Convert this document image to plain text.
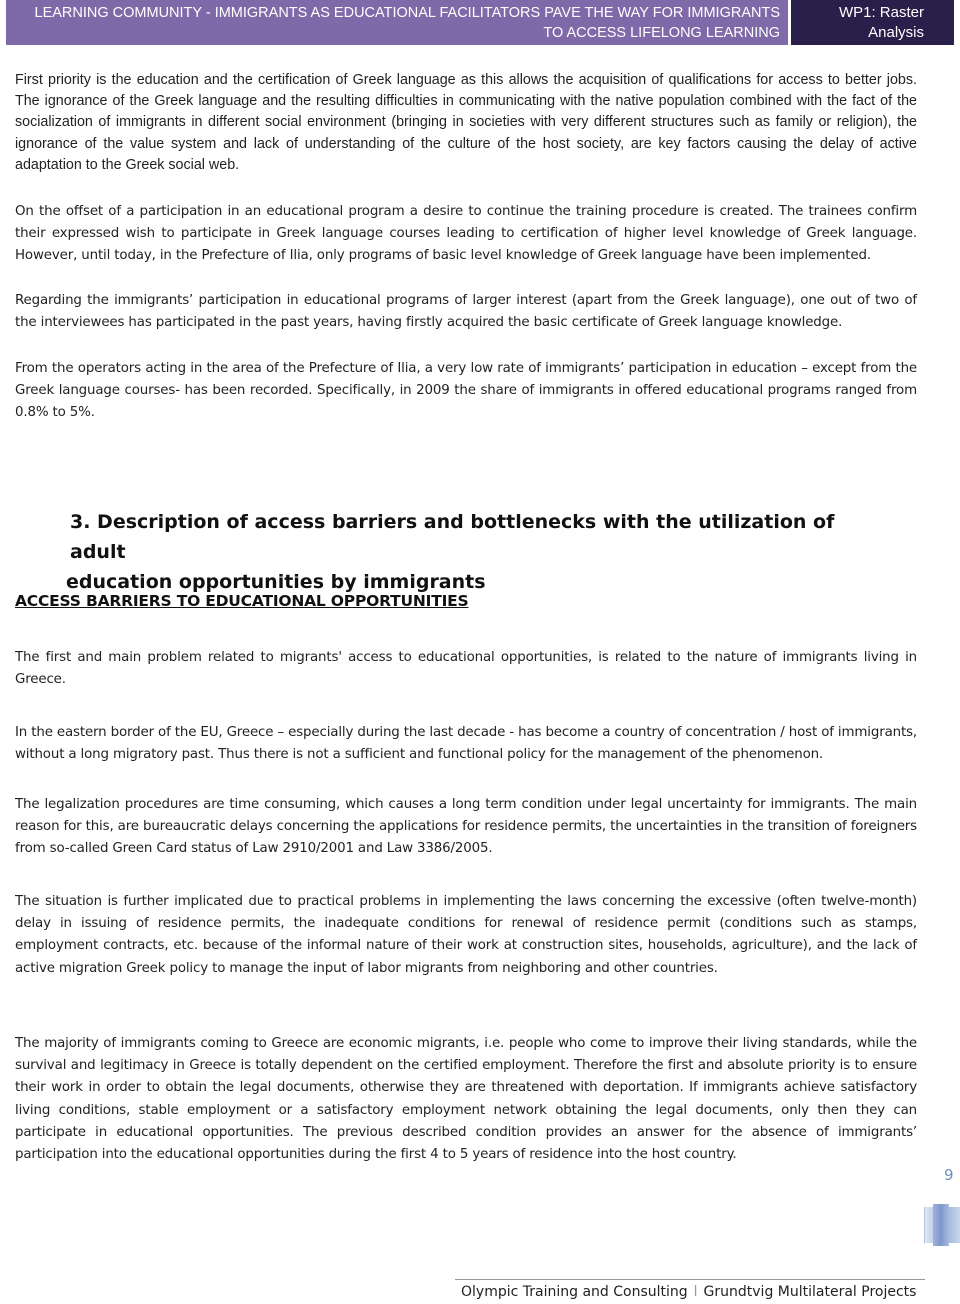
LEARNING COMMUNITY - IMMIGRANTS AS EDUCATIONAL FACILITATORS PAVE THE WAY FOR IMMIGRANTS
TO ACCESS LIFELONG LEARNING
WP1: Raster
Analysis

First priority is the education and the certification of Greek language as this allows the acquisition of qualifications for access to better jobs. The ignorance of the Greek language and the resulting difficulties in communicating with the native population combined with the fact of the socialization of immigrants in different social environment (bringing in societies with very different structures such as family or religion), the ignorance of the value system and lack of understanding of the culture of the host society, are key factors causing the delay of active adaptation to the Greek social web.

On the offset of a participation in an educational program a desire to continue the training procedure is created. The trainees confirm their expressed wish to participate in Greek language courses leading to certification of higher level knowledge of Greek language. However, until today, in the Prefecture of Ilia, only programs of basic level knowledge of Greek language have been implemented.

Regarding the immigrants’ participation in educational programs of larger interest (apart from the Greek language), one out of two of the interviewees has participated in the past years, having firstly acquired the basic certificate of Greek language knowledge.

From the operators acting in the area of the Prefecture of Ilia, a very low rate of immigrants’ participation in education – except from the Greek language courses- has been recorded. Specifically, in 2009 the share of immigrants in offered educational programs ranged from 0.8% to 5%.

3. Description of access barriers and bottlenecks with the utilization of adult
education opportunities by immigrants
ACCESS BARRIERS TO EDUCATIONAL OPPORTUNITIES

The first and main problem related to migrants' access to educational opportunities, is related to the nature of immigrants living in Greece.

In the eastern border of the EU, Greece – especially during the last decade - has become a country of concentration / host of immigrants, without a long migratory past. Thus there is not a sufficient and functional policy for the management of the phenomenon.

The legalization procedures are time consuming, which causes a long term condition under legal uncertainty for immigrants. The main reason for this, are bureaucratic delays concerning the applications for residence permits, the uncertainties in the transition of foreigners from so-called Green Card status of Law 2910/2001 and Law 3386/2005.

The situation is further implicated due to practical problems in implementing the laws concerning the excessive (often twelve-month) delay in issuing of residence permits, the inadequate conditions for renewal of residence permit (conditions such as stamps, employment contracts, etc. because of the informal nature of their work at construction sites, households, agriculture), and the lack of active migration Greek policy to manage the input of labor migrants from neighboring and other countries.

The majority of immigrants coming to Greece are economic migrants, i.e. people who come to improve their living standards, while the survival and legitimacy in Greece is totally dependent on the certified employment. Therefore the first and absolute priority is to ensure their work in order to obtain the legal documents, otherwise they are threatened with deportation. If immigrants achieve satisfactory living conditions, stable employment or a satisfactory employment network obtaining the legal documents, only then they can participate in educational opportunities. The previous described condition provides an answer for the absence of immigrants’ participation into the educational opportunities during the first 4 to 5 years of residence into the host country.

9
Olympic Training and Consulting l Grundtvig Multilateral Projects
